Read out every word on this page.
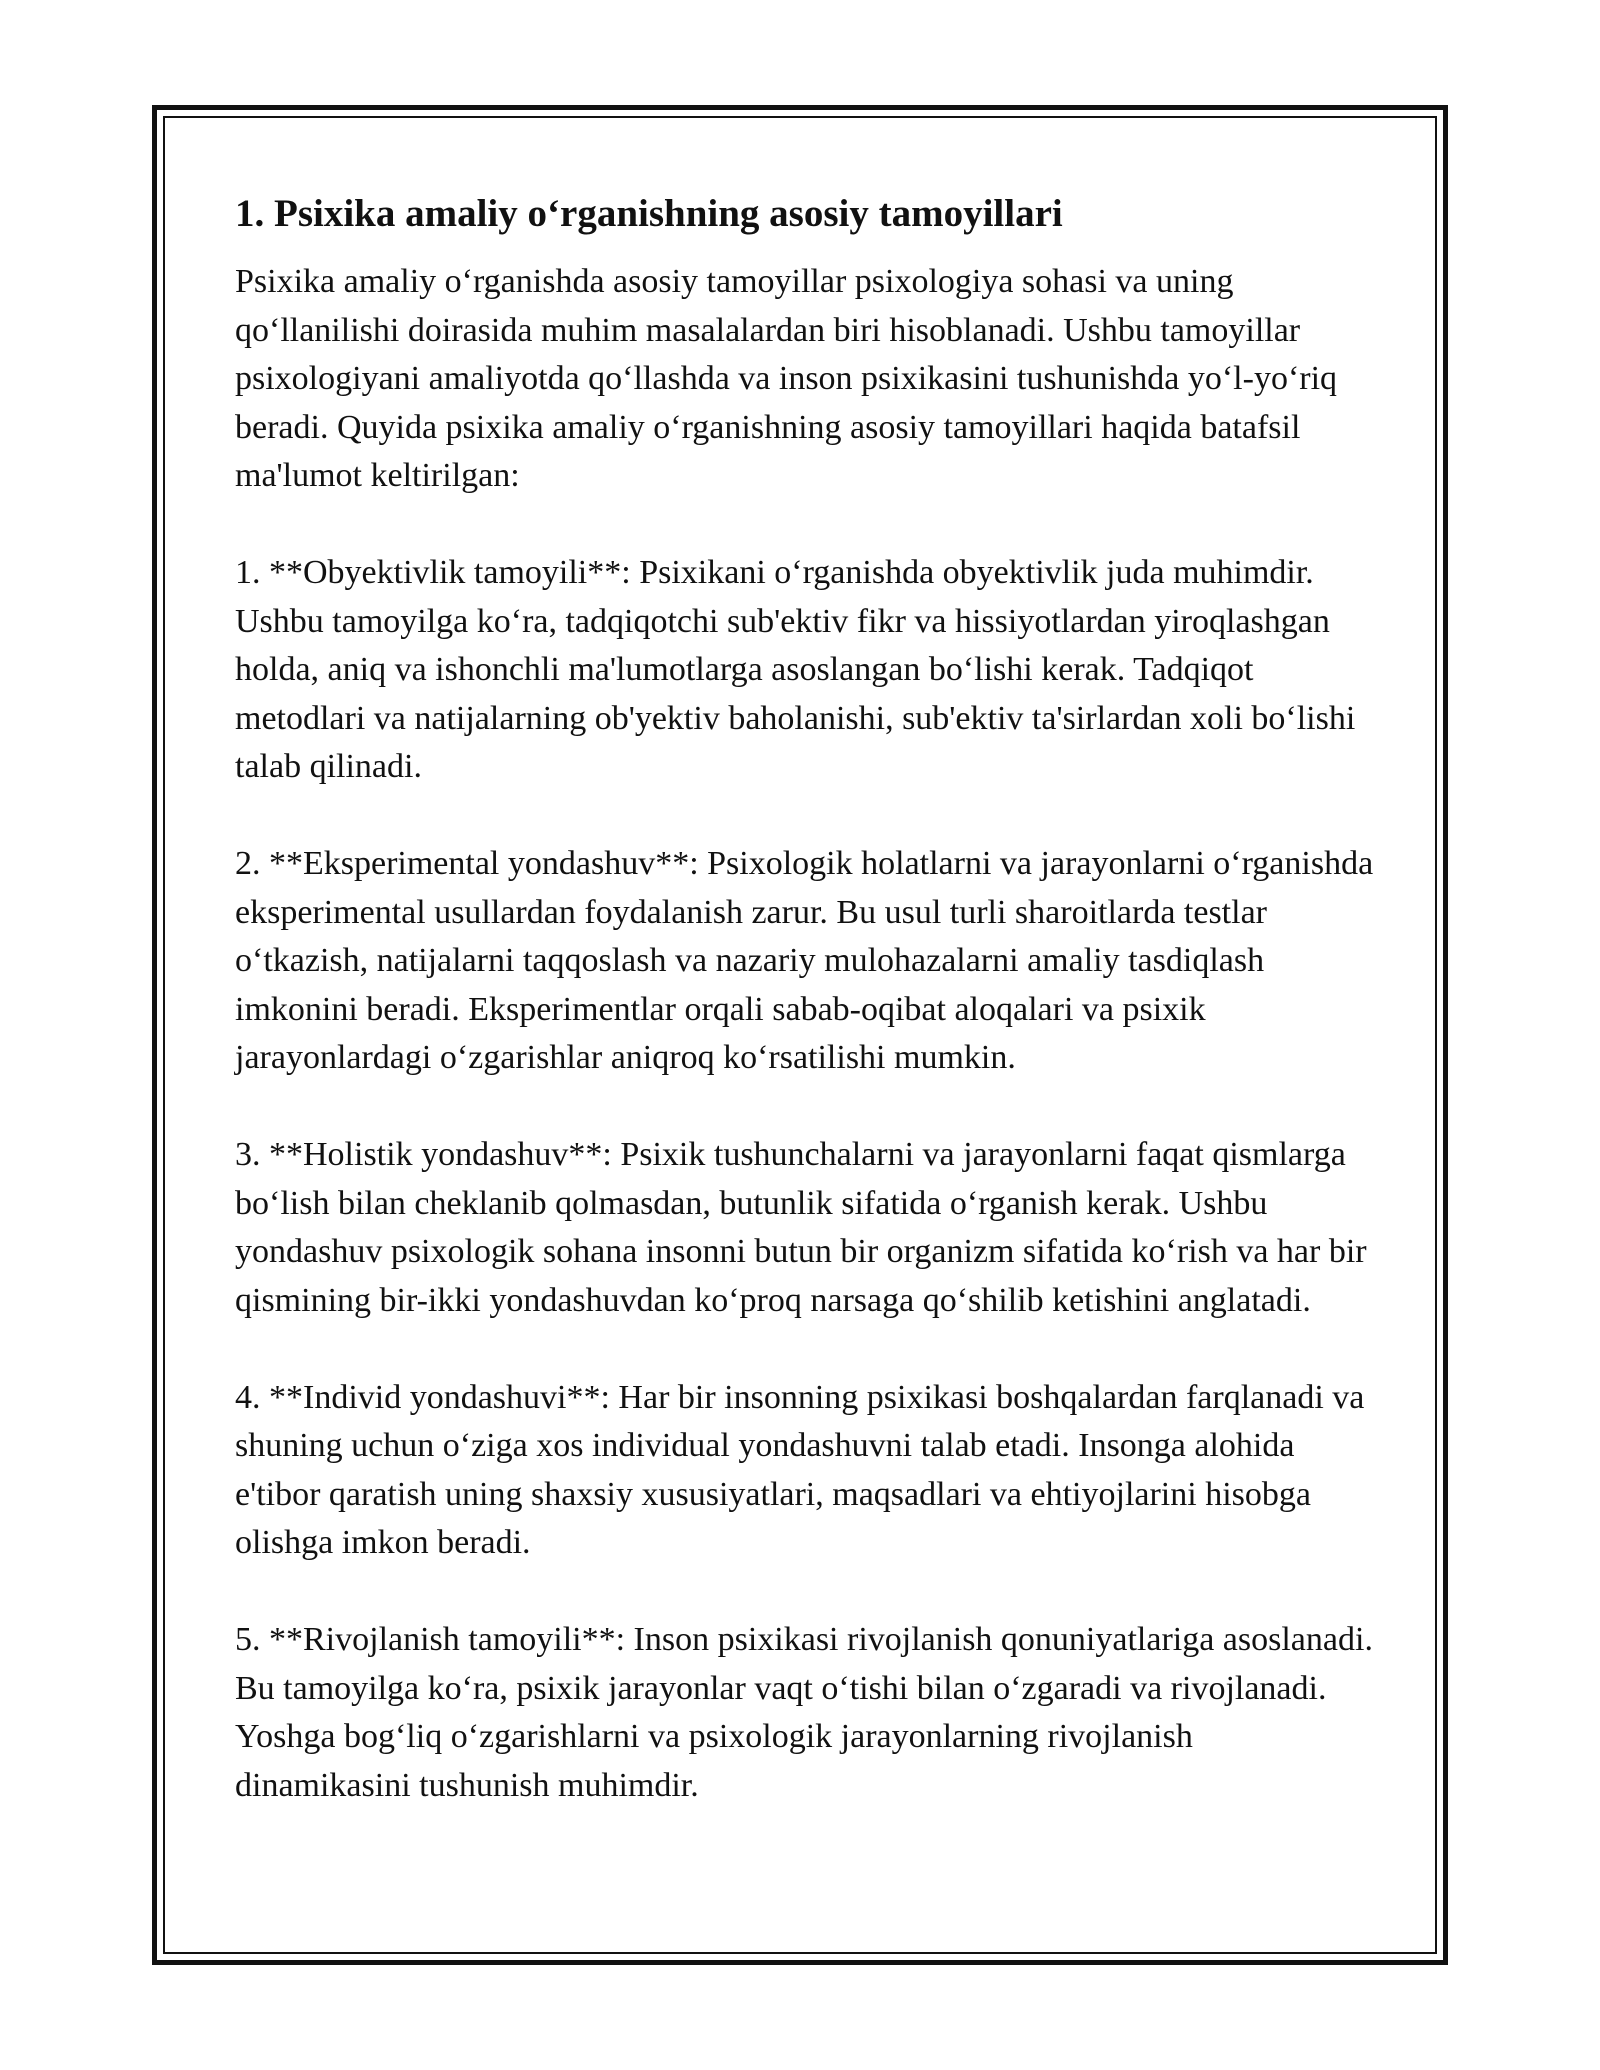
1. Psixika amaliy o‘rganishning asosiy tamoyillari

Psixika amaliy o‘rganishda asosiy tamoyillar psixologiya sohasi va uning qo‘llanilishi doirasida muhim masalalardan biri hisoblanadi. Ushbu tamoyillar psixologiyani amaliyotda qo‘llashda va inson psixikasini tushunishda yo‘l-yo‘riq beradi. Quyida psixika amaliy o‘rganishning asosiy tamoyillari haqida batafsil ma'lumot keltirilgan:

1. **Obyektivlik tamoyili**: Psixikani o‘rganishda obyektivlik juda muhimdir. Ushbu tamoyilga ko‘ra, tadqiqotchi sub'ektiv fikr va hissiyotlardan yiroqlashgan holda, aniq va ishonchli ma'lumotlarga asoslangan bo‘lishi kerak. Tadqiqot metodlari va natijalarning ob'yektiv baholanishi, sub'ektiv ta'sirlardan xoli bo‘lishi talab qilinadi.

2. **Eksperimental yondashuv**: Psixologik holatlarni va jarayonlarni o‘rganishda eksperimental usullardan foydalanish zarur. Bu usul turli sharoitlarda testlar o‘tkazish, natijalarni taqqoslash va nazariy mulohazalarni amaliy tasdiqlash imkonini beradi. Eksperimentlar orqali sabab-oqibat aloqalari va psixik jarayonlardagi o‘zgarishlar aniqroq ko‘rsatilishi mumkin.

3. **Holistik yondashuv**: Psixik tushunchalarni va jarayonlarni faqat qismlarga bo‘lish bilan cheklanib qolmasdan, butunlik sifatida o‘rganish kerak. Ushbu yondashuv psixologik sohana insonni butun bir organizm sifatida ko‘rish va har bir qismining bir-ikki yondashuvdan ko‘proq narsaga qo‘shilib ketishini anglatadi.

4. **Individ yondashuvi**: Har bir insonning psixikasi boshqalardan farqlanadi va shuning uchun o‘ziga xos individual yondashuvni talab etadi. Insonga alohida e'tibor qaratish uning shaxsiy xususiyatlari, maqsadlari va ehtiyojlarini hisobga olishga imkon beradi.

5. **Rivojlanish tamoyili**: Inson psixikasi rivojlanish qonuniyatlariga asoslanadi. Bu tamoyilga ko‘ra, psixik jarayonlar vaqt o‘tishi bilan o‘zgaradi va rivojlanadi. Yoshga bog‘liq o‘zgarishlarni va psixologik jarayonlarning rivojlanish dinamikasini tushunish muhimdir.
